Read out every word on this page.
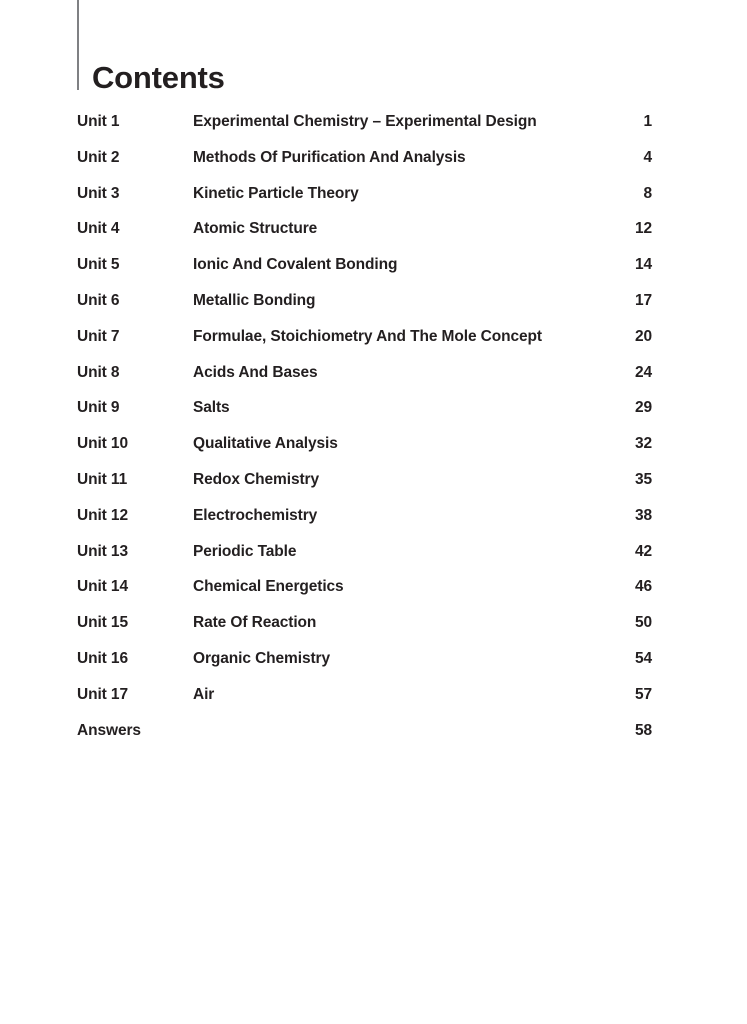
Contents
Unit 1	Experimental Chemistry – Experimental Design	1
Unit 2	Methods Of Purification And Analysis	4
Unit 3	Kinetic Particle Theory	8
Unit 4	Atomic Structure	12
Unit 5	Ionic And Covalent Bonding	14
Unit 6	Metallic Bonding	17
Unit 7	Formulae, Stoichiometry And The Mole Concept	20
Unit 8	Acids And Bases	24
Unit 9	Salts	29
Unit 10	Qualitative Analysis	32
Unit 11	Redox Chemistry	35
Unit 12	Electrochemistry	38
Unit 13	Periodic Table	42
Unit 14	Chemical Energetics	46
Unit 15	Rate Of Reaction	50
Unit 16	Organic Chemistry	54
Unit 17	Air	57
Answers	58
